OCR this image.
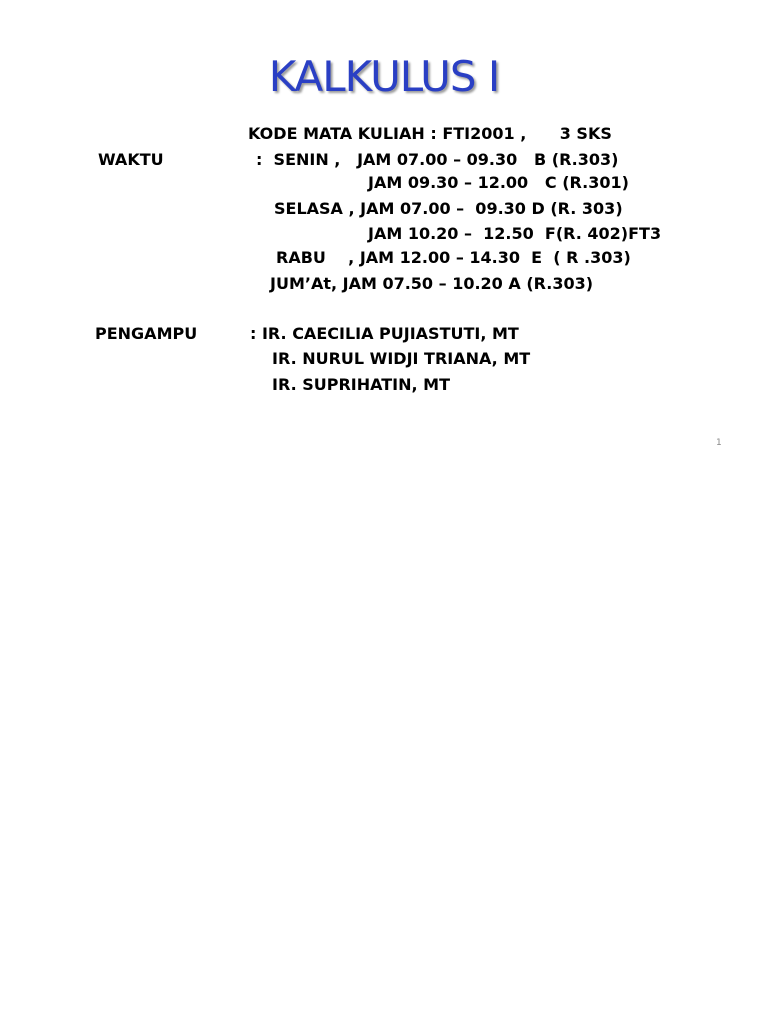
KALKULUS I
KODE MATA KULIAH : FTI2001 ,      3 SKS
WAKTU	:  SENIN ,   JAM 07.00 – 09.30   B (R.303)
JAM 09.30 – 12.00   C (R.301)
SELASA , JAM 07.00 –  09.30 D (R. 303)
JAM 10.20 –  12.50  F(R. 402)FT3
RABU    , JAM 12.00 – 14.30  E  ( R .303)
JUM’At, JAM 07.50 – 10.20 A (R.303)
PENGAMPU	: IR. CAECILIA PUJIASTUTI, MT
IR. NURUL WIDJI TRIANA, MT
IR. SUPRIHATIN, MT
1
